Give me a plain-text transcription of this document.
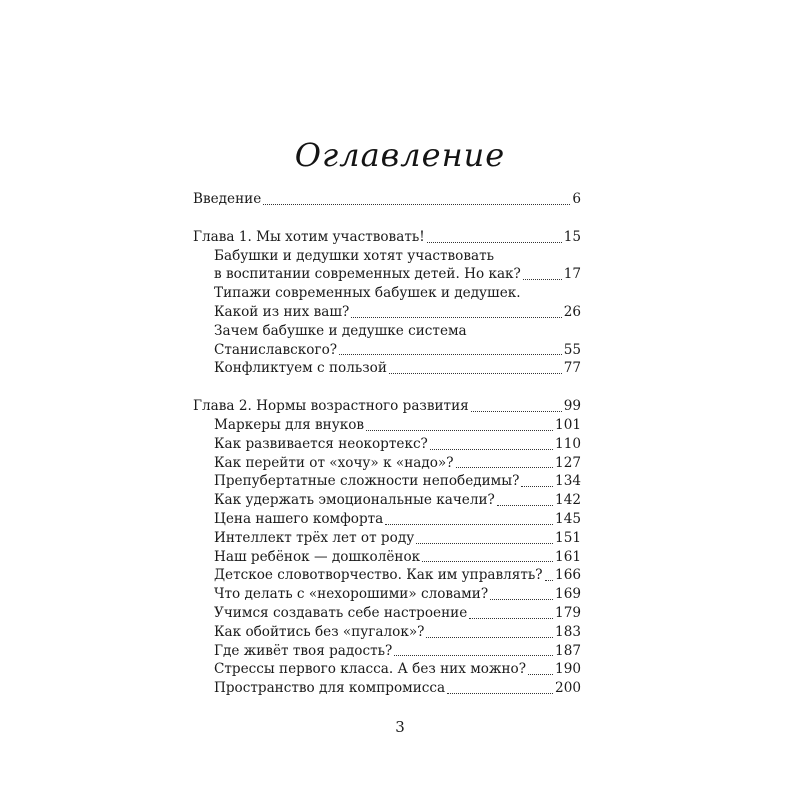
Оглавление
Введение	6
Глава 1. Мы хотим участвовать!	15
Бабушки и дедушки хотят участвовать
в воспитании современных детей. Но как?	17
Типажи современных бабушек и дедушек.
Какой из них ваш?	26
Зачем бабушке и дедушке система
Станиславского?	55
Конфликтуем с пользой	77
Глава 2. Нормы возрастного развития	99
Маркеры для внуков	101
Как развивается неокортекс?	110
Как перейти от «хочу» к «надо»?	127
Препубертатные сложности непобедимы?	134
Как удержать эмоциональные качели?	142
Цена нашего комфорта	145
Интеллект трёх лет от роду	151
Наш ребёнок — дошколёнок	161
Детское словотворчество. Как им управлять? 166
Что делать с «нехорошими» словами?	169
Учимся создавать себе настроение	179
Как обойтись без «пугалок»?	183
Где живёт твоя радость?	187
Стрессы первого класса. А без них можно? 190
Пространство для компромисса	200
3
